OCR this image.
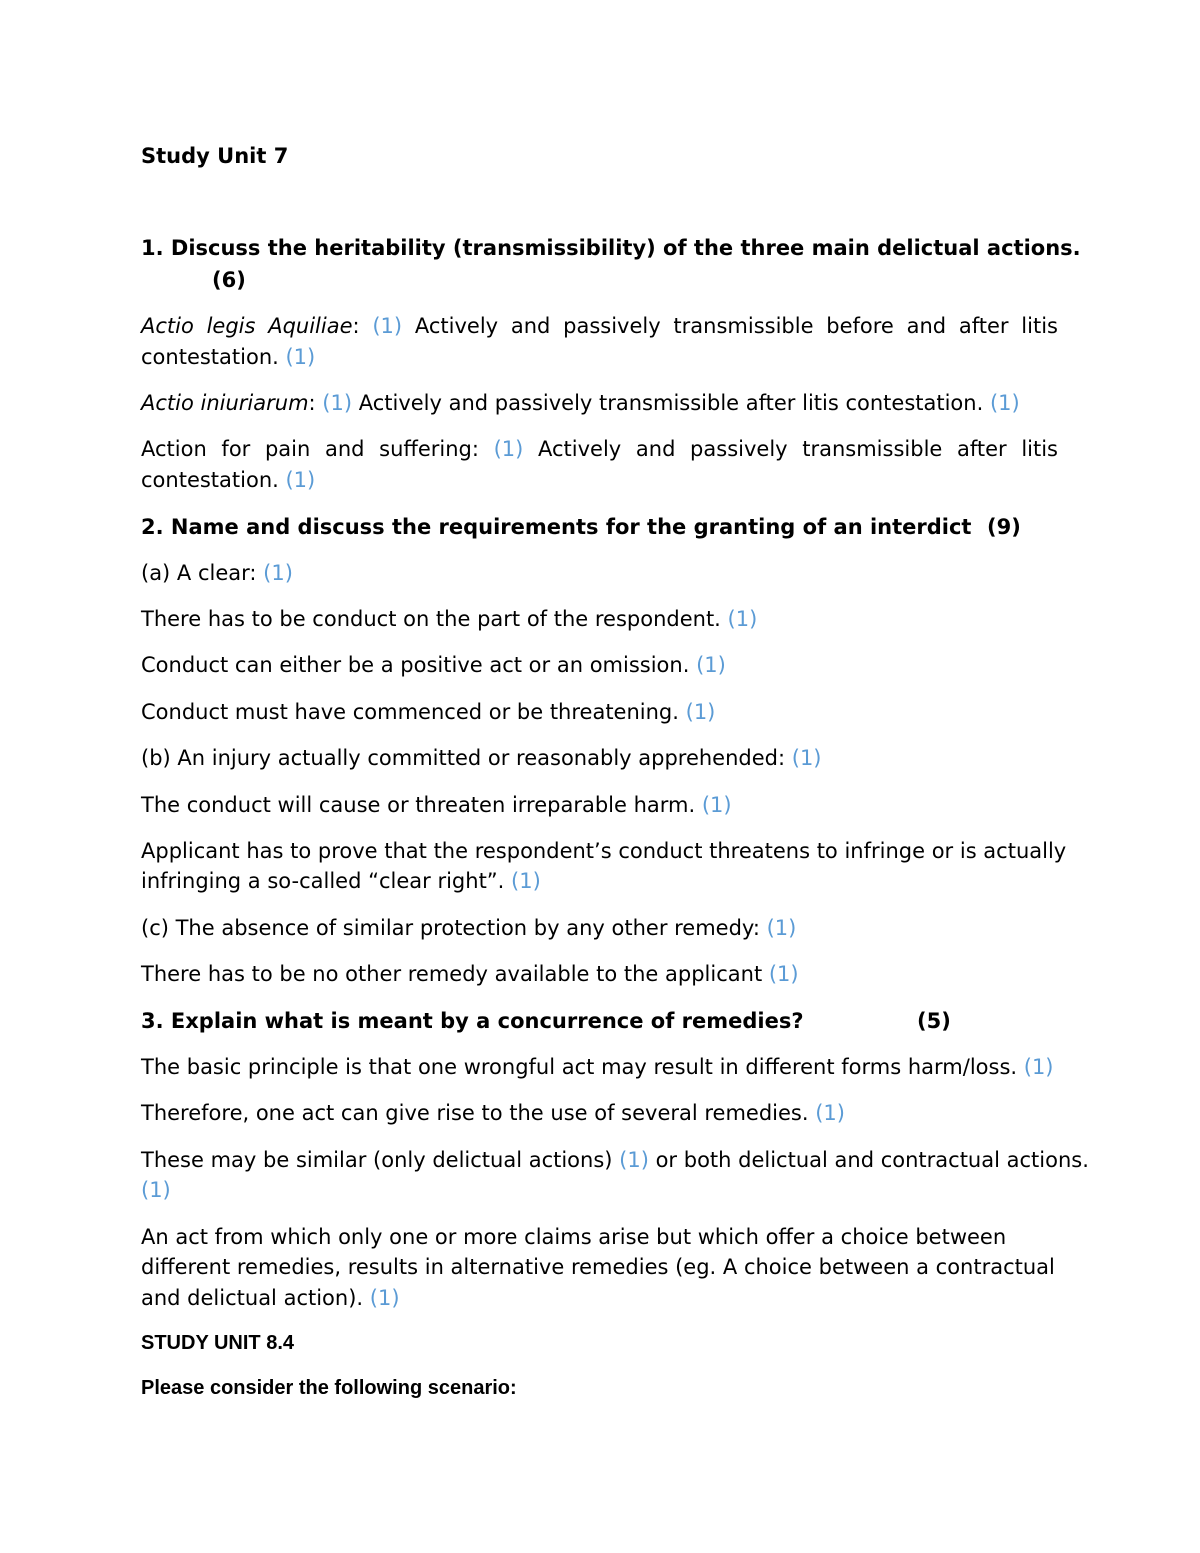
Study Unit 7
1. Discuss the heritability (transmissibility) of the three main delictual actions.
(6)
Actio legis Aquiliae: (1) Actively and passively transmissible before and after litis
contestation. (1)
Actio iniuriarum: (1) Actively and passively transmissible after litis contestation. (1)
Action for pain and suffering: (1) Actively and passively transmissible after litis
contestation. (1)
2. Name and discuss the requirements for the granting of an interdict (9)
(a) A clear: (1)
There has to be conduct on the part of the respondent. (1)
Conduct can either be a positive act or an omission. (1)
Conduct must have commenced or be threatening. (1)
(b) An injury actually committed or reasonably apprehended: (1)
The conduct will cause or threaten irreparable harm. (1)
Applicant has to prove that the respondent’s conduct threatens to infringe or is actually
infringing a so-called “clear right”. (1)
(c) The absence of similar protection by any other remedy: (1)
There has to be no other remedy available to the applicant (1)
3. Explain what is meant by a concurrence of remedies?	(5)
The basic principle is that one wrongful act may result in different forms harm/loss. (1)
Therefore, one act can give rise to the use of several remedies. (1)
These may be similar (only delictual actions) (1) or both delictual and contractual actions.
(1)
An act from which only one or more claims arise but which offer a choice between
different remedies, results in alternative remedies (eg. A choice between a contractual
and delictual action). (1)
STUDY UNIT 8.4
Please consider the following scenario:
